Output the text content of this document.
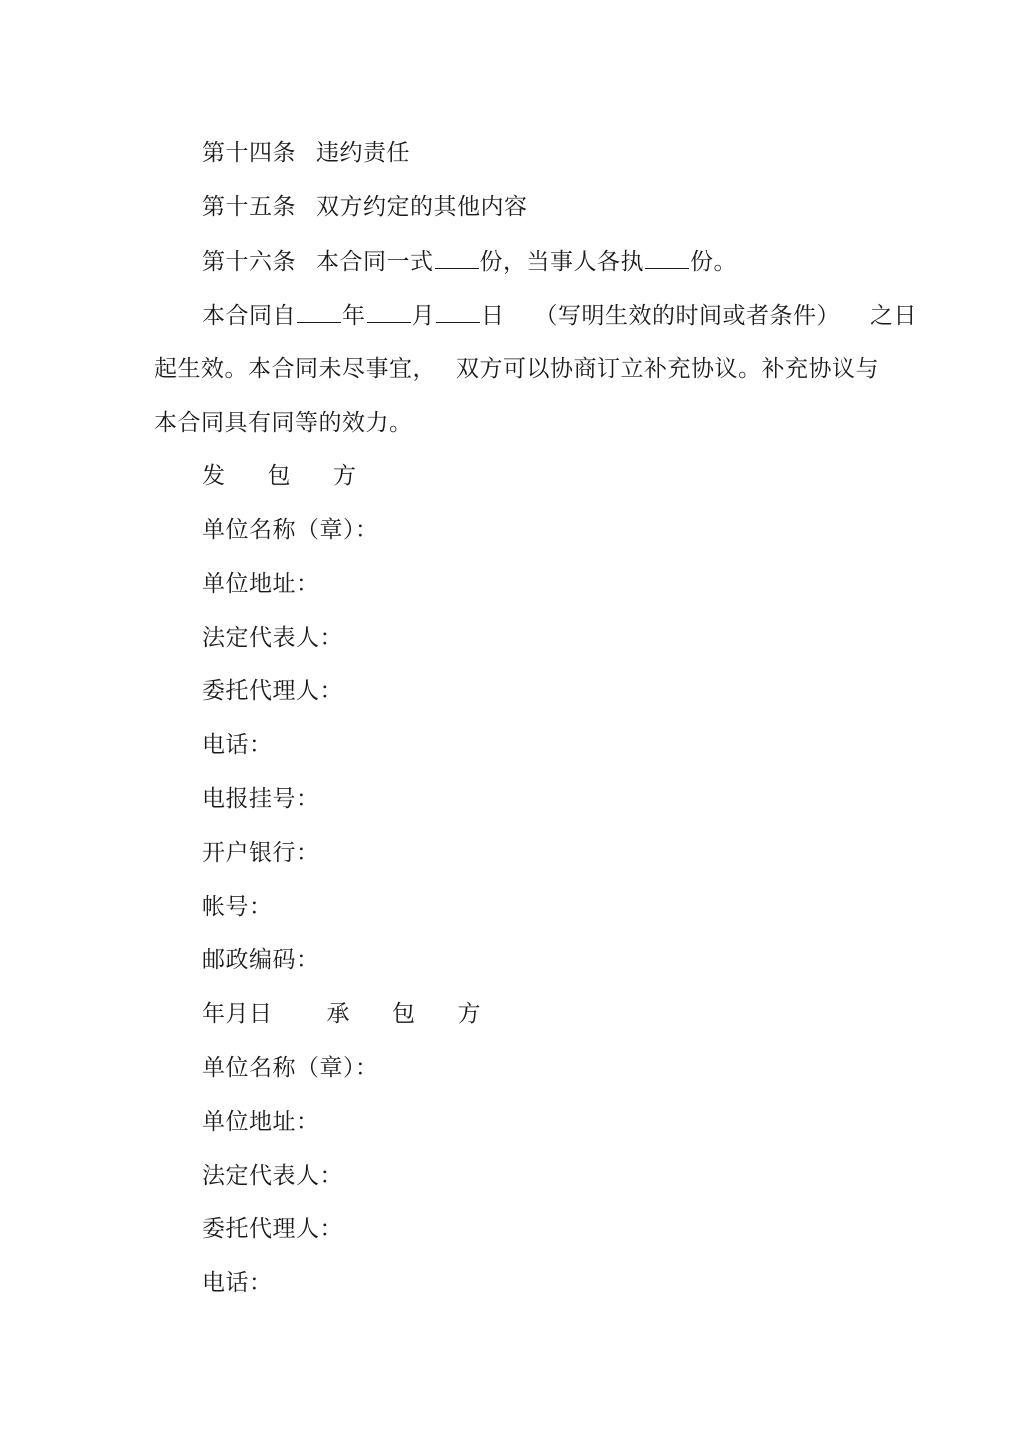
第十四条 违约责任
第十五条 双方约定的其他内容
第十六条 本合同一式 份，当事人各执 份。
本合同自 年 月 日 （写明生效的时间或者条件） 之日
起生效。本合同未尽事宜， 双方可以协商订立补充协议。补充协议与
本合同具有同等的效力。
发 包 方
单位名称（章）：
单位地址：
法定代表人：
委托代理人：
电话：
电报挂号：
开户银行：
帐号：
邮政编码：
年月日 承 包 方
单位名称（章）：
单位地址：
法定代表人：
委托代理人：
电话：
